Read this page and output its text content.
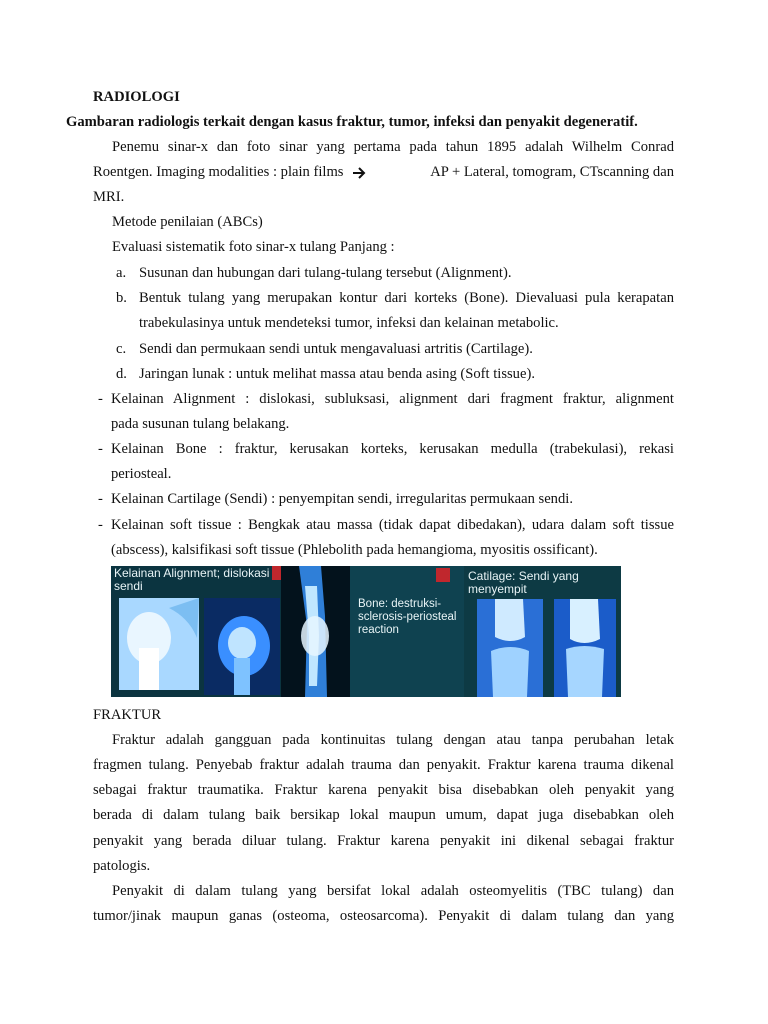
RADIOLOGI
Gambaran radiologis terkait dengan kasus fraktur, tumor, infeksi dan penyakit degeneratif.
Penemu sinar-x dan foto sinar yang pertama pada tahun 1895 adalah Wilhelm Conrad
Roentgen. Imaging modalities : plain films	AP + Lateral, tomogram, CTscanning dan
MRI.
Metode penilaian (ABCs)
Evaluasi sistematik foto sinar-x tulang Panjang :
a. Susunan dan hubungan dari tulang-tulang tersebut (Alignment).
b. Bentuk tulang yang merupakan kontur dari korteks (Bone). Dievaluasi pula kerapatan
trabekulasinya untuk mendeteksi tumor, infeksi dan kelainan metabolic.
c. Sendi dan permukaan sendi untuk mengavaluasi artritis (Cartilage).
d. Jaringan lunak : untuk melihat massa atau benda asing (Soft tissue).
- Kelainan Alignment : dislokasi, subluksasi, alignment dari fragment fraktur, alignment
pada susunan tulang belakang.
- Kelainan Bone : fraktur, kerusakan korteks, kerusakan medulla (trabekulasi), rekasi
periosteal.
- Kelainan Cartilage (Sendi) : penyempitan sendi, irregularitas permukaan sendi.
- Kelainan soft tissue : Bengkak atau massa (tidak dapat dibedakan), udara dalam soft tissue
(abscess), kalsifikasi soft tissue (Phlebolith pada hemangioma, myositis ossificant).
Kelainan Alignment; dislokasi sendi
Bone: destruksi-sclerosis-periosteal reaction
Catilage: Sendi yang menyempit
FRAKTUR
Fraktur adalah gangguan pada kontinuitas tulang dengan atau tanpa perubahan letak
fragmen tulang. Penyebab fraktur adalah trauma dan penyakit. Fraktur karena trauma dikenal
sebagai fraktur traumatika. Fraktur karena penyakit bisa disebabkan oleh penyakit yang
berada di dalam tulang baik bersikap lokal maupun umum, dapat juga disebabkan oleh
penyakit yang berada diluar tulang. Fraktur karena penyakit ini dikenal sebagai fraktur
patologis.
Penyakit di dalam tulang yang bersifat lokal adalah osteomyelitis (TBC tulang) dan
tumor/jinak maupun ganas (osteoma, osteosarcoma). Penyakit di dalam tulang dan yang
